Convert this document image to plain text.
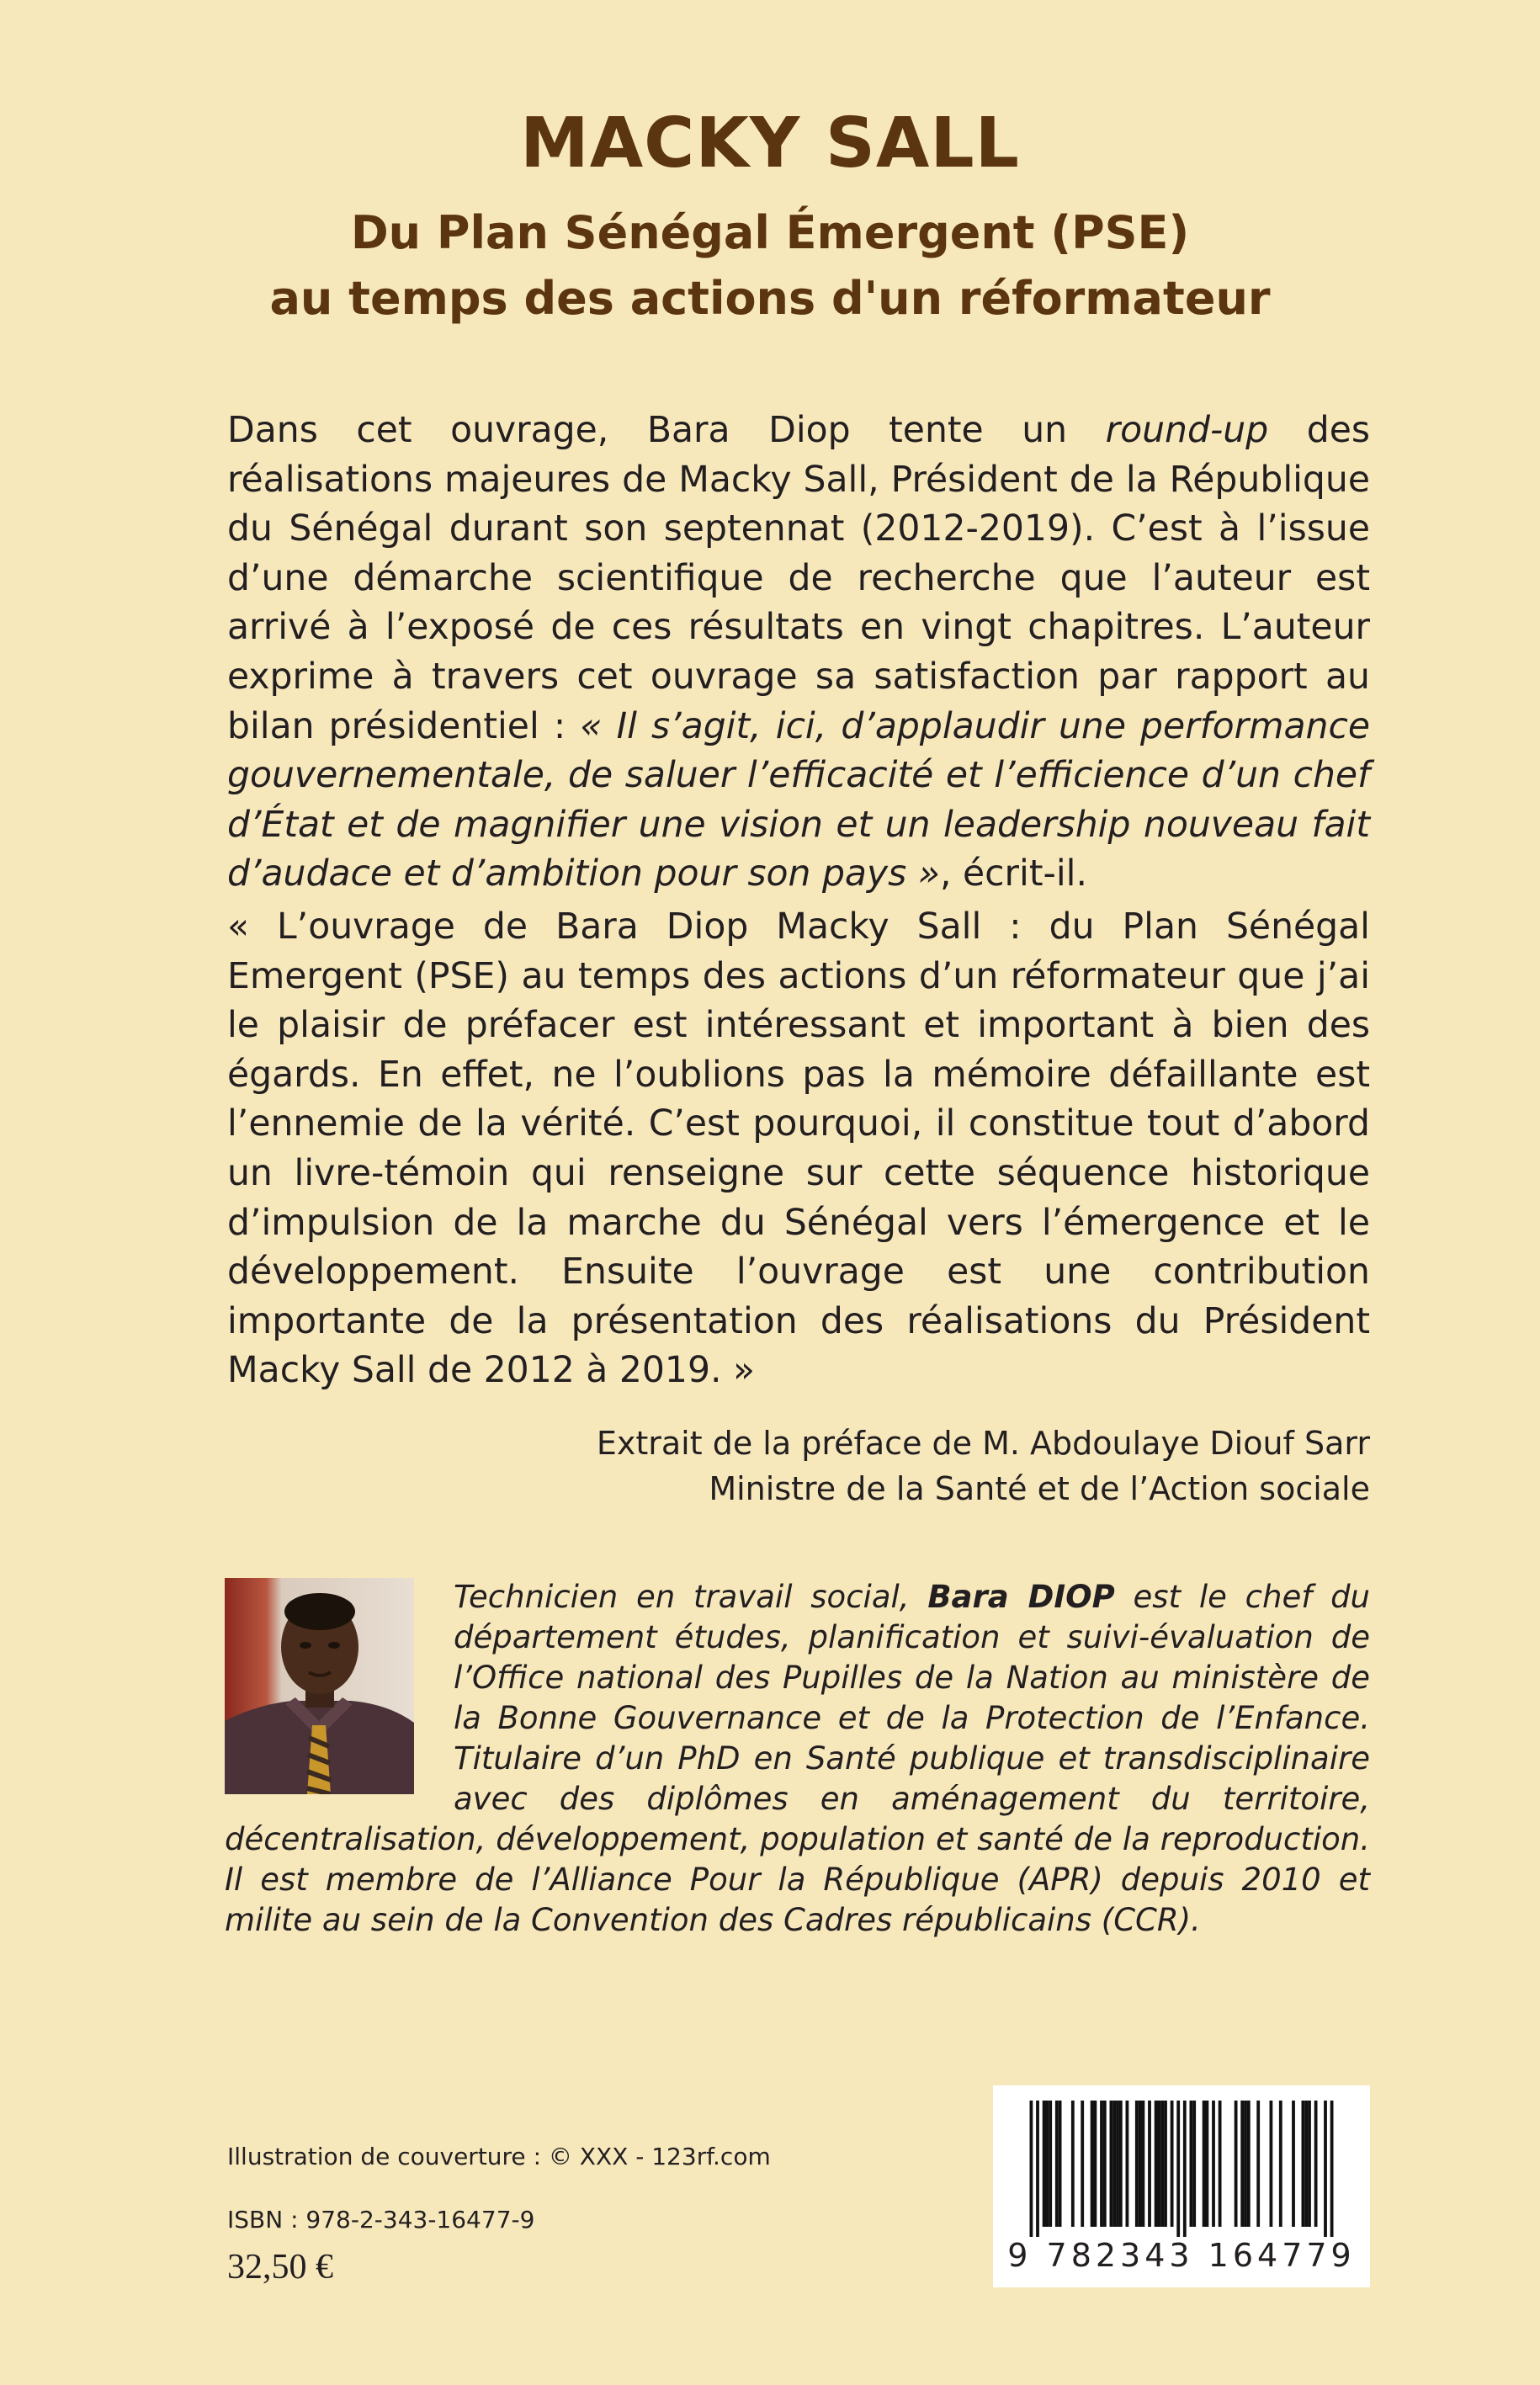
MACKY SALL
Du Plan Sénégal Émergent (PSE)
au temps des actions d'un réformateur
Dans cet ouvrage, Bara Diop tente un round-up des réalisations majeures de Macky Sall, Président de la République du Sénégal durant son septennat (2012-2019). C’est à l’issue d’une démarche scientifique de recherche que l’auteur est arrivé à l’exposé de ces résultats en vingt chapitres. L’auteur exprime à travers cet ouvrage sa satisfaction par rapport au bilan présidentiel : « Il s’agit, ici, d’applaudir une performance gouvernementale, de saluer l’efficacité et l’efficience d’un chef d’État et de magnifier une vision et un leadership nouveau fait d’audace et d’ambition pour son pays », écrit-il.
« L’ouvrage de Bara Diop Macky Sall : du Plan Sénégal Emergent (PSE) au temps des actions d’un réformateur que j’ai le plaisir de préfacer est intéressant et important à bien des égards. En effet, ne l’oublions pas la mémoire défaillante est l’ennemie de la vérité. C’est pourquoi, il constitue tout d’abord un livre-témoin qui renseigne sur cette séquence historique d’impulsion de la marche du Sénégal vers l’émergence et le développement. Ensuite l’ouvrage est une contribution importante de la présentation des réalisations du Président Macky Sall de 2012 à 2019. »
Extrait de la préface de M. Abdoulaye Diouf Sarr
Ministre de la Santé et de l’Action sociale
Technicien en travail social, Bara DIOP est le chef du département études, planification et suivi-évaluation de l’Office national des Pupilles de la Nation au ministère de la Bonne Gouvernance et de la Protection de l’Enfance. Titulaire d’un PhD en Santé publique et transdisciplinaire avec des diplômes en aménagement du territoire, décentralisation, développement, population et santé de la reproduction. Il est membre de l’Alliance Pour la République (APR) depuis 2010 et milite au sein de la Convention des Cadres républicains (CCR).
Illustration de couverture : © XXX - 123rf.com
ISBN : 978-2-343-16477-9
32,50 €	9 782343 164779
